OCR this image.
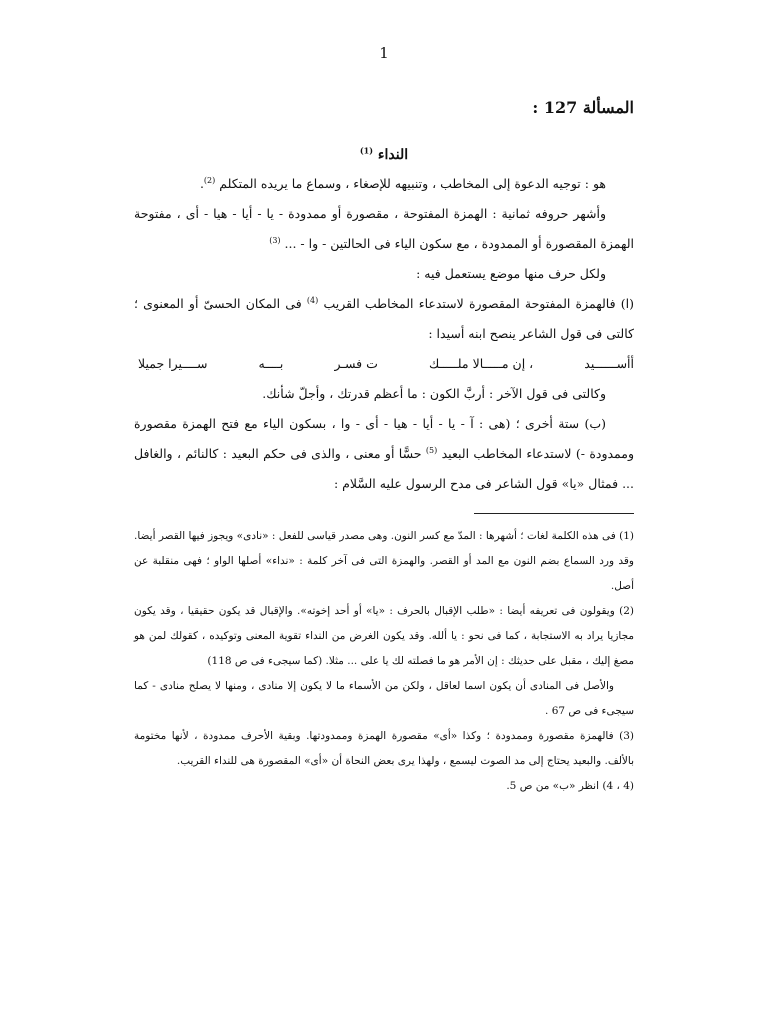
1
المسألة 127 :
النداء $^{(1)}$

هو : توجيه الدعوة إلى المخاطب ، وتنبيهه للإصغاء ، وسماع ما يريده المتكلم $^{(2)}$.

وأشهر حروفه ثمانية : الهمزة المفتوحة ، مقصورة أو ممدودة - يا - أيا - هيا - أى ، مفتوحة الهمزة المقصورة أو الممدودة ، مع سكون الياء فى الحالتين - وا - ... $^{(3)}$

ولكل حرف منها موضع يستعمل فيه :

(ا) فالهمزة المفتوحة المقصورة لاستدعاء المخاطب القريب $^{(4)}$ فى المكان الحسىّ أو المعنوى ؛ كالتى فى قول الشاعر ينصح ابنه أسيدا :

أأســــــيد
، إن مـــــالا ملـــــك
ت فسـر
بــــه
ســــيرا جميلا

وكالتى فى قول الآخر : أربَّ الكون : ما أعظم قدرتك ، وأجلّ شأنك.

(ب) ستة أخرى ؛ (هى : آ - يا - أيا - هيا - أى - وا ، بسكون الياء مع فتح الهمزة مقصورة وممدودة -) لاستدعاء المخاطب البعيد $^{(5)}$ حسًّا أو معنى ، والذى فى حكم البعيد : كالنائم ، والغافل ... فمثال «يا» قول الشاعر فى مدح الرسول عليه السَّلام :

(1) فى هذه الكلمة لغات ؛ أشهرها : المدّ مع كسر النون. وهى مصدر قياسى للفعل : «نادى» ويجوز فيها القصر أيضا. وقد ورد السماع بضم النون مع المد أو القصر. والهمزة التى فى آخر كلمة : «نداء» أصلها الواو ؛ فهى منقلبة عن أصل.

(2) ويقولون فى تعريفه أيضا : «طلب الإقبال بالحرف : «يا» أو أحد إخوته». والإقبال قد يكون حقيقيا ، وقد يكون مجازيا يراد به الاستجابة ، كما فى نحو : يا ألله. وقد يكون الغرض من النداء تقوية المعنى وتوكيده ، كقولك لمن هو مصغ إليك ، مقبل على حديثك : إن الأمر هو ما فصلته لك يا على ... مثلا. (كما سيجىء فى ص 118)

والأصل فى المنادى أن يكون اسما لعاقل ، ولكن من الأسماء ما لا يكون إلا منادى ، ومنها لا يصلح منادى - كما سيجىء فى ص 67 .

(3) فالهمزة مقصورة وممدودة ؛ وكذا «أى» مقصورة الهمزة وممدودتها. وبقية الأحرف ممدودة ، لأنها مختومة بالألف. والبعيد يحتاج إلى مد الصوت ليسمع ، ولهذا يرى بعض النحاة أن «أى» المقصورة هى للنداء القريب.

(4 ، 4) انظر «ب» من ص 5.
